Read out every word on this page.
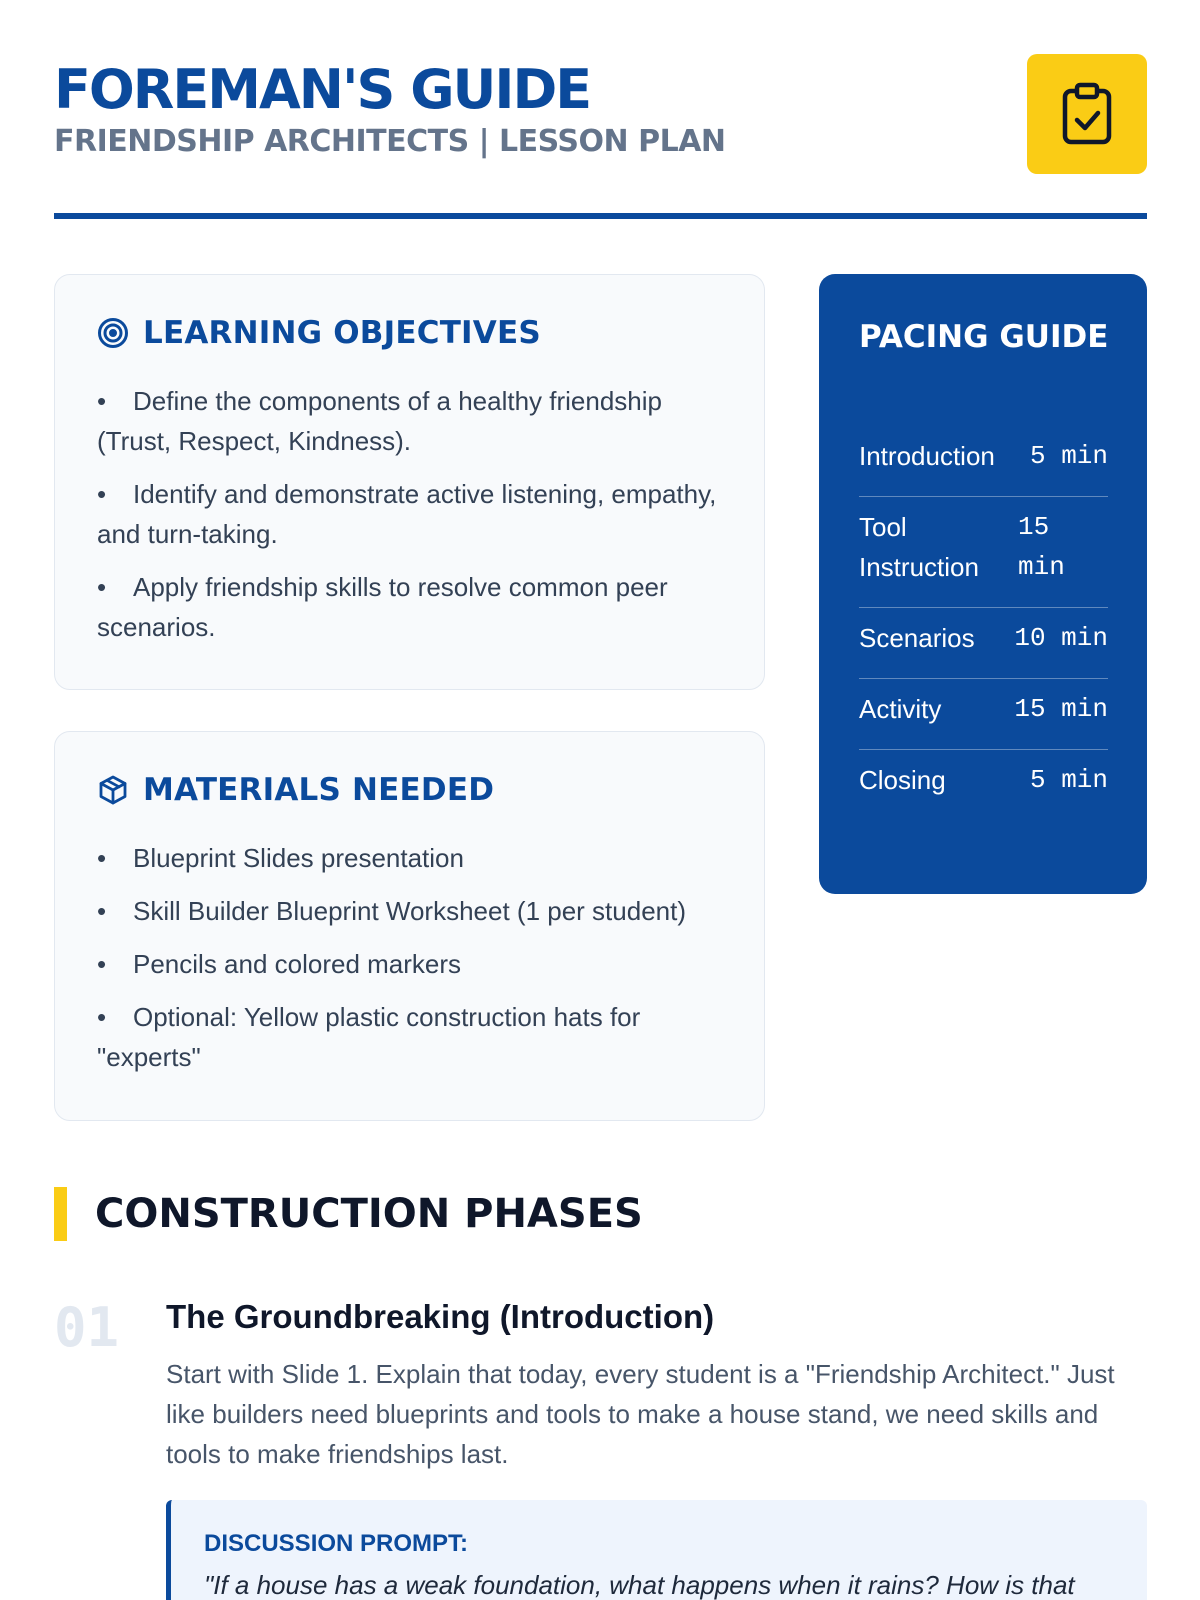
FOREMAN'S GUIDE
FRIENDSHIP ARCHITECTS | LESSON PLAN
LEARNING OBJECTIVES
• Define the components of a healthy friendship (Trust, Respect, Kindness).
• Identify and demonstrate active listening, empathy, and turn-taking.
• Apply friendship skills to resolve common peer scenarios.
MATERIALS NEEDED
• Blueprint Slides presentation
• Skill Builder Blueprint Worksheet (1 per student)
• Pencils and colored markers
• Optional: Yellow plastic construction hats for "experts"
PACING GUIDE
Introduction 5 min
Tool Instruction
15 min
Scenarios 10 min
Activity	15 min
Closing	5 min
CONSTRUCTION PHASES
01 The Groundbreaking (Introduction)
Start with Slide 1. Explain that today, every student is a "Friendship Architect." Just like builders need blueprints and tools to make a house stand, we need skills and tools to make friendships last.
DISCUSSION PROMPT:
"If a house has a weak foundation, what happens when it rains? How is that
